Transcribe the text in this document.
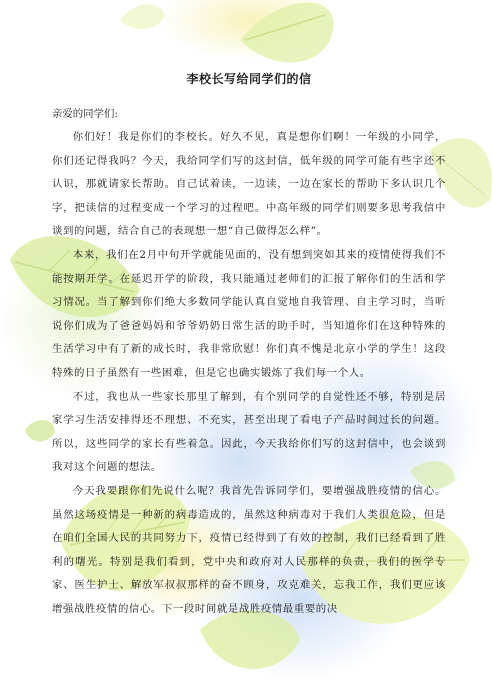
李校长写给同学们的信

亲爱的同学们:

你们好！我是你们的李校长。好久不见，真是想你们啊！一年级的小同学，你们还记得我吗？今天，我给同学们写的这封信，低年级的同学可能有些字还不认识，那就请家长帮助。自己试着读，一边读，一边在家长的帮助下多认识几个字，把读信的过程变成一个学习的过程吧。中高年级的同学们则要多思考我信中谈到的问题，结合自己的表现想一想“自己做得怎么样”。

本来，我们在2月中旬开学就能见面的，没有想到突如其来的疫情使得我们不能按期开学。在延迟开学的阶段，我只能通过老师们的汇报了解你们的生活和学习情况。当了解到你们绝大多数同学能认真自觉地自我管理、自主学习时，当听说你们成为了爸爸妈妈和爷爷奶奶日常生活的助手时，当知道你们在这种特殊的生活学习中有了新的成长时，我非常欣慰！你们真不愧是北京小学的学生！这段特殊的日子虽然有一些困难，但是它也确实锻炼了我们每一个人。

不过，我也从一些家长那里了解到，有个别同学的自觉性还不够，特别是居家学习生活安排得还不理想、不充实，甚至出现了看电子产品时间过长的问题。所以，这些同学的家长有些着急。因此，今天我给你们写的这封信中，也会谈到我对这个问题的想法。

今天我要跟你们先说什么呢？我首先告诉同学们，要增强战胜疫情的信心。虽然这场疫情是一种新的病毒造成的，虽然这种病毒对于我们人类很危险，但是在咱们全国人民的共同努力下，疫情已经得到了有效的控制，我们已经看到了胜利的曙光。特别是我们看到，党中央和政府对人民那样的负责，我们的医学专家、医生护士、解放军叔叔那样的奋不顾身，攻克难关，忘我工作，我们更应该增强战胜疫情的信心。下一段时间就是战胜疫情最重要的决
